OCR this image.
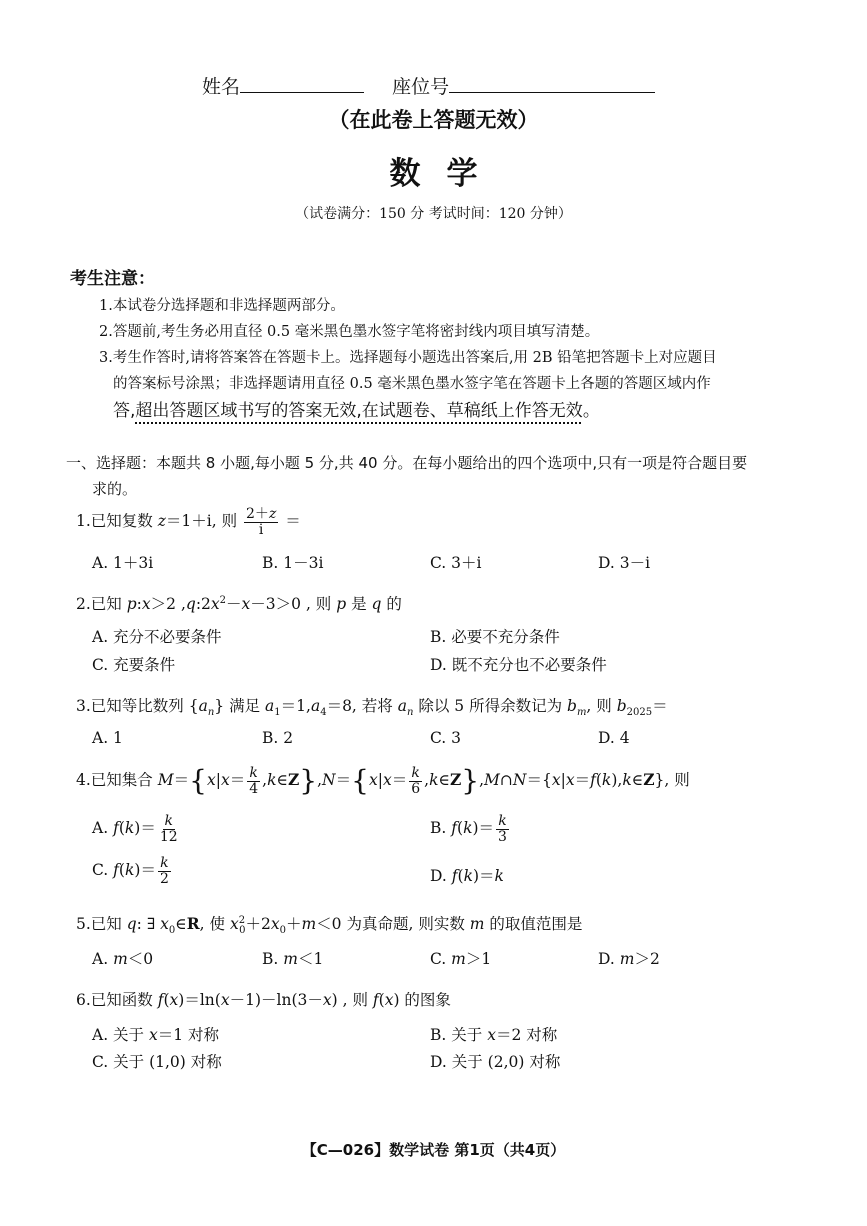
姓名	座位号
（在此卷上答题无效）
数学
（试卷满分：150 分 考试时间：120 分钟）
考生注意：
1.本试卷分选择题和非选择题两部分。
2.答题前,考生务必用直径 0.5 毫米黑色墨水签字笔将密封线内项目填写清楚。
3.考生作答时,请将答案答在答题卡上。选择题每小题选出答案后,用 2B 铅笔把答题卡上对应题目
的答案标号涂黑；非选择题请用直径 0.5 毫米黑色墨水签字笔在答题卡上各题的答题区域内作
答,超出答题区域书写的答案无效,在试题卷、草稿纸上作答无效。
一、选择题：本题共 8 小题,每小题 5 分,共 40 分。在每小题给出的四个选项中,只有一项是符合题目要
求的。
1.已知复数 z＝1＋i, 则 $\frac{2+z}{i}$ ＝
A. 1＋3i	B. 1－3i	C. 3＋i	D. 3－i
2.已知 p:x＞2 $,q:2x^2-x-3>0$ , 则 p 是 q 的
A. 充分不必要条件	B. 必要不充分条件
C. 充要条件	D. 既不充分也不必要条件
3.已知等比数列 $\{a_n\}$ 满足 $a_1=1,a_4=8$, 若将 $a_n$ 除以 5 所得余数记为 $b_m$, 则 $b_{2025}=$
A. 1	B. 2	C. 3	D. 4
4.已知集合 $M=\{x|x= \frac{k}{4}$ ,k∈Z},N＝{x|x＝ $\frac{k}{6}$ ,k∈Z},M∩N＝{x|x＝f(k),k∈Z}, 则
A. $f(k)= \frac{k}{12}$	B. $f(k)= \frac{k}{3}$
C. $f(k)= \frac{k}{2}$	D. f(k)＝k
5.已知 q: ∃ $x_0\in R$, 使 $x^2_0+2x_0+m<0$ 为真命题, 则实数 m 的取值范围是
A. m＜0	B. m＜1	C. m＞1	D. m＞2
6.已知函数 f(x)＝ln(x－1)－ln(3－x) , 则 f(x) 的图象
A. 关于 x＝1 对称	B. 关于 x＝2 对称
C. 关于 (1,0) 对称	D. 关于 (2,0) 对称
【C—026】数学试卷 第1页（共4页）
